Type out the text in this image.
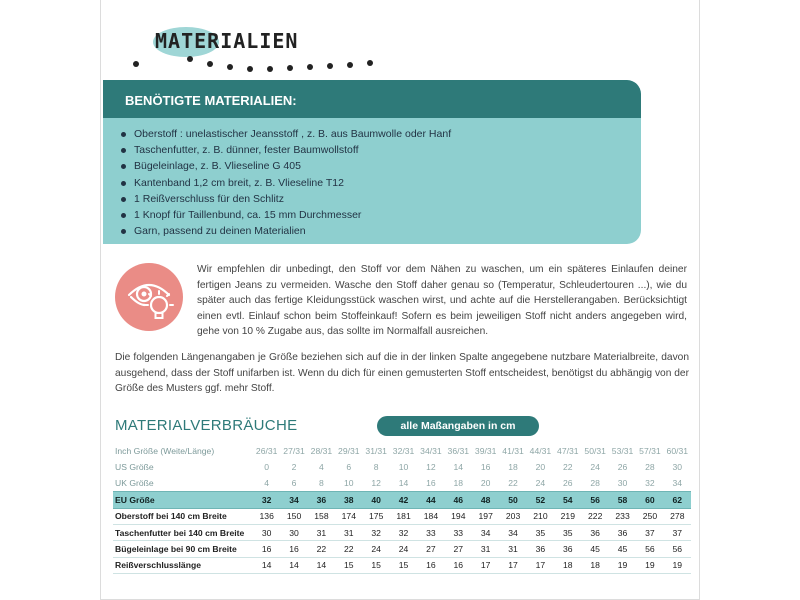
MATERIALIEN
BENÖTIGTE MATERIALIEN:
Oberstoff : unelastischer Jeansstoff , z. B. aus Baumwolle oder Hanf
Taschenfutter, z. B. dünner, fester Baumwollstoff
Bügeleinlage, z. B. Vlieseline G 405
Kantenband 1,2 cm breit, z. B. Vlieseline T12
1 Reißverschluss für den Schlitz
1 Knopf für Taillenbund, ca. 15 mm Durchmesser
Garn, passend zu deinen Materialien

Wir empfehlen dir unbedingt, den Stoff vor dem Nähen zu waschen, um ein späteres Einlaufen deiner fertigen Jeans zu vermeiden. Wasche den Stoff daher genau so (Temperatur, Schleudertouren ...), wie du später auch das fertige Kleidungsstück waschen wirst, und achte auf die Herstellerangaben. Berücksichtigt einen evtl. Einlauf schon beim Stoffeinkauf! Sofern es beim jeweiligen Stoff nicht anders angegeben wird, gehe von 10 % Zugabe aus, das sollte im Normalfall ausreichen.

Die folgenden Längenangaben je Größe beziehen sich auf die in der linken Spalte angegebene nutzbare Materialbreite, davon ausgehend, dass der Stoff unifarben ist. Wenn du dich für einen gemusterten Stoff entscheidest, benötigst du abhängig von der Größe des Musters ggf. mehr Stoff.

MATERIALVERBRÄUCHE	alle Maßangaben in cm
Inch Größe (Weite/Länge)	26/31	27/31	28/31	29/31	31/31	32/31	34/31	36/31	39/31	41/31	44/31	47/31	50/31	53/31	57/31	60/31
US Größe	0	2	4	6	8	10	12	14	16	18	20	22	24	26	28	30
UK Größe	4	6	8	10	12	14	16	18	20	22	24	26	28	30	32	34
EU Größe	32	34	36	38	40	42	44	46	48	50	52	54	56	58	60	62
Oberstoff bei 140 cm Breite	136	150	158	174	175	181	184	194	197	203	210	219	222	233	250	278
Taschenfutter bei 140 cm Breite	30	30	31	31	32	32	33	33	34	34	35	35	36	36	37	37
Bügeleinlage bei 90 cm Breite	16	16	22	22	24	24	27	27	31	31	36	36	45	45	56	56
Reißverschlusslänge	14	14	14	15	15	15	16	16	17	17	17	18	18	19	19	19
